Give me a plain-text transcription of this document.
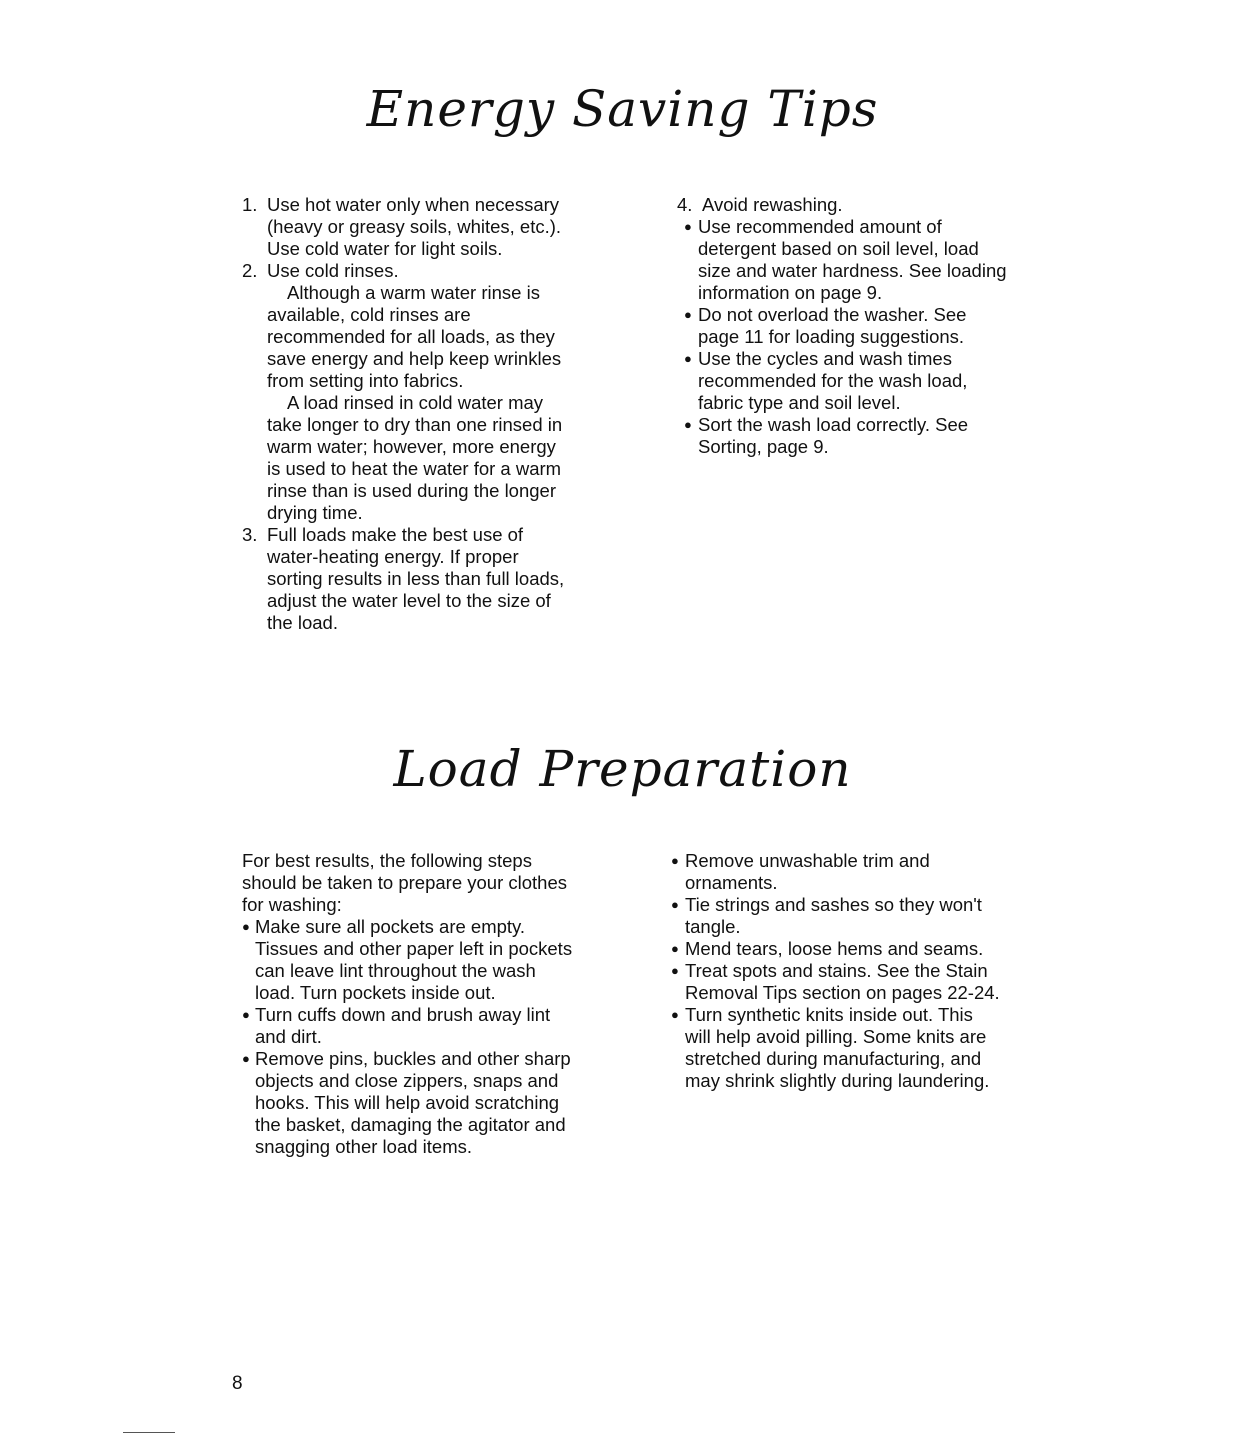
Energy Saving Tips
1. Use hot water only when necessary (heavy or greasy soils, whites, etc.). Use cold water for light soils.

2. Use cold rinses.

Although a warm water rinse is available, cold rinses are recommended for all loads, as they save energy and help keep wrinkles from setting into fabrics.

A load rinsed in cold water may take longer to dry than one rinsed in warm water; however, more energy is used to heat the water for a warm rinse than is used during the longer drying time.

3. Full loads make the best use of water-heating energy. If proper sorting results in less than full loads, adjust the water level to the size of the load.

4. Avoid rewashing.

● Use recommended amount of detergent based on soil level, load size and water hardness. See loading information on page 9.
● Do not overload the washer. See page 11 for loading suggestions.
● Use the cycles and wash times recommended for the wash load, fabric type and soil level.
● Sort the wash load correctly. See Sorting, page 9.
Load Preparation

For best results, the following steps should be taken to prepare your clothes for washing:

● Make sure all pockets are empty. Tissues and other paper left in pockets can leave lint throughout the wash load. Turn pockets inside out.
● Turn cuffs down and brush away lint and dirt.
● Remove pins, buckles and other sharp objects and close zippers, snaps and hooks. This will help avoid scratching the basket, damaging the agitator and snagging other load items.
● Remove unwashable trim and ornaments.
● Tie strings and sashes so they won't tangle.
● Mend tears, loose hems and seams.
● Treat spots and stains. See the Stain Removal Tips section on pages 22-24.
● Turn synthetic knits inside out. This will help avoid pilling. Some knits are stretched during manufacturing, and may shrink slightly during laundering.
8
